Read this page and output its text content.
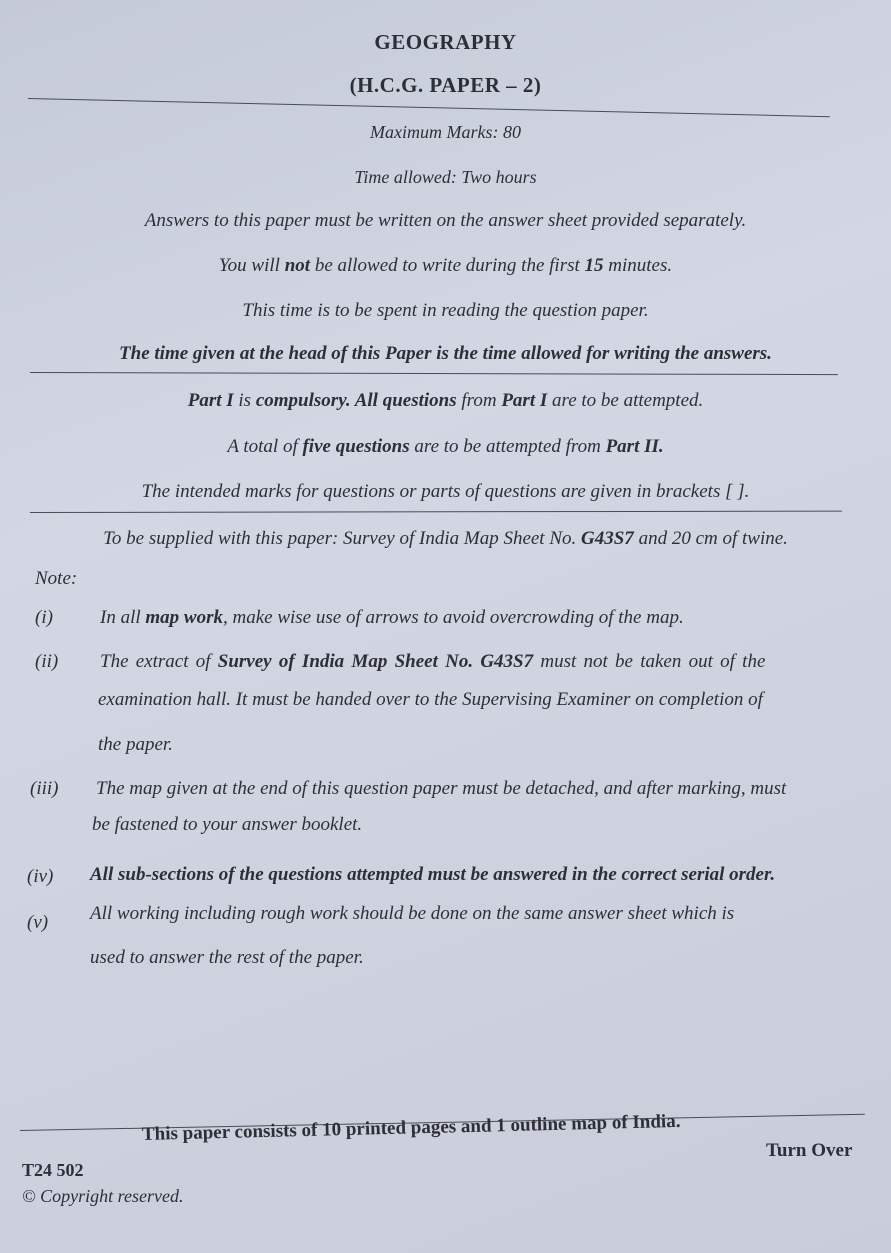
GEOGRAPHY
(H.C.G. PAPER – 2)
Maximum Marks: 80
Time allowed: Two hours
Answers to this paper must be written on the answer sheet provided separately.
You will not be allowed to write during the first 15 minutes.
This time is to be spent in reading the question paper.
The time given at the head of this Paper is the time allowed for writing the answers.
Part I is compulsory. All questions from Part I are to be attempted.
A total of five questions are to be attempted from Part II.
The intended marks for questions or parts of questions are given in brackets [ ].
To be supplied with this paper: Survey of India Map Sheet No. G43S7 and 20 cm of twine.
Note:
(i) In all map work, make wise use of arrows to avoid overcrowding of the map.
(ii) The extract of Survey of India Map Sheet No. G43S7 must not be taken out of the
examination hall. It must be handed over to the Supervising Examiner on completion of
the paper.
(iii) The map given at the end of this question paper must be detached, and after marking, must
be fastened to your answer booklet.
(iv) All sub-sections of the questions attempted must be answered in the correct serial order.
(v) All working including rough work should be done on the same answer sheet which is
used to answer the rest of the paper.
This paper consists of 10 printed pages and 1 outline map of India.
Turn Over
T24 502
© Copyright reserved.
